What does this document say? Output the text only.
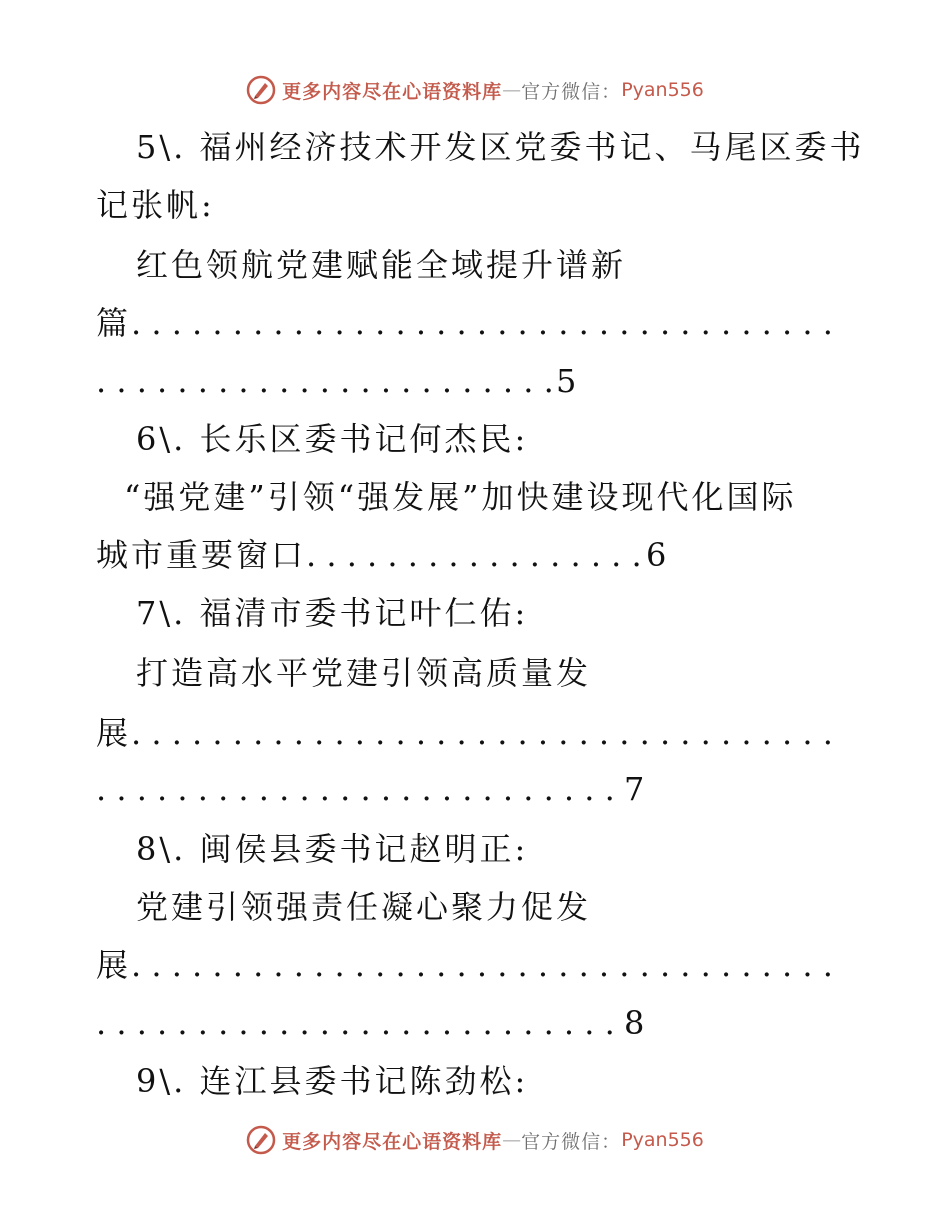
更多内容尽在心语资料库 — 官方微信： Pyan556
5\. 福州经济技术开发区党委书记、马尾区委书
记张帆:
红色领航党建赋能全域提升谱新
篇. . .
. . .5
6\. 长乐区委书记何杰民:
“强党建”引领“强发展”加快建设现代化国际
城市重要窗口 . . .	6
7\. 福清市委书记叶仁佑:
打造高水平党建引领高质量发
展. . .
. . .7
8\. 闽侯县委书记赵明正:
党建引领强责任凝心聚力促发
展. . .
. . .8
9\. 连江县委书记陈劲松:
更多内容尽在心语资料库 — 官方微信： Pyan556
